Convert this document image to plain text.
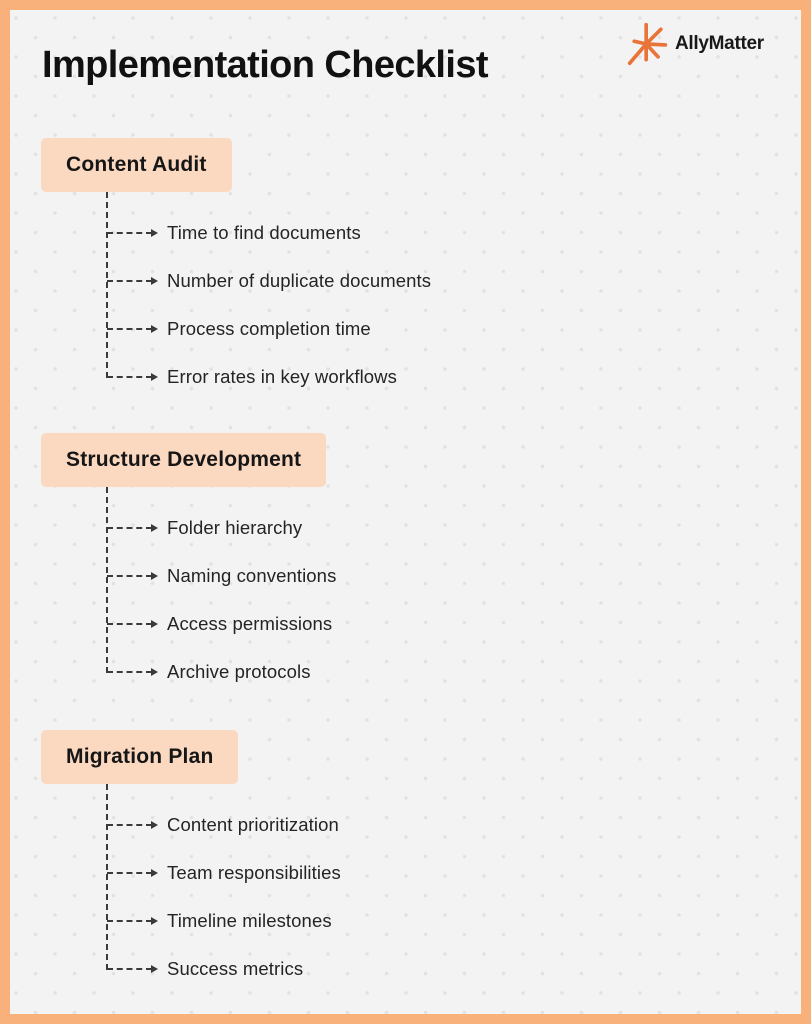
Implementation Checklist
AllyMatter
Content Audit
Time to find documents
Number of duplicate documents
Process completion time
Error rates in key workflows
Structure Development
Folder hierarchy
Naming conventions
Access permissions
Archive protocols
Migration Plan
Content prioritization
Team responsibilities
Timeline milestones
Success metrics
